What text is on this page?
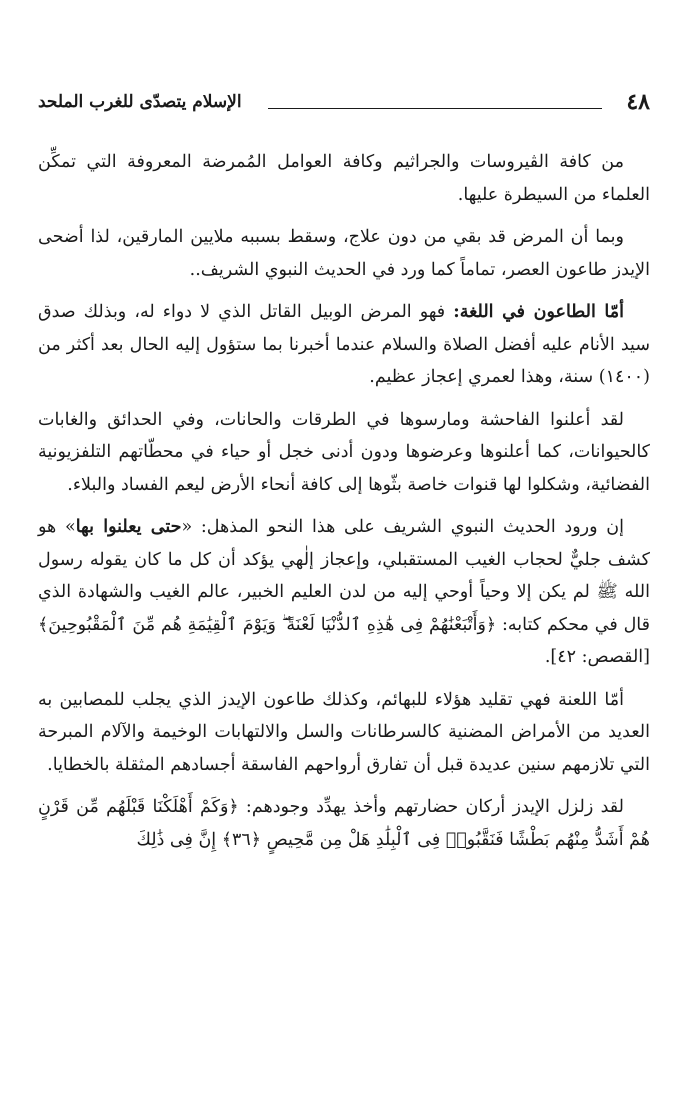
٤٨
الإسلام يتصدّى للغرب الملحد

من كافة الڤيروسات والجراثيم وكافة العوامل المُمرضة المعروفة التي تمكِّن العلماء من السيطرة عليها.

وبما أن المرض قد بقي من دون علاج، وسقط بسببه ملايين المارقين، لذا أضحى الإيدز طاعون العصر، تماماً كما ورد في الحديث النبوي الشريف..

أمّا الطاعون في اللغة: فهو المرض الوبيل القاتل الذي لا دواء له، وبذلك صدق سيد الأنام عليه أفضل الصلاة والسلام عندما أخبرنا بما ستؤول إليه الحال بعد أكثر من (١٤٠٠) سنة، وهذا لعمري إعجاز عظيم.

لقد أعلنوا الفاحشة ومارسوها في الطرقات والحانات، وفي الحدائق والغابات كالحيوانات، كما أعلنوها وعرضوها ودون أدنى خجل أو حياء في محطّاتهم التلفزيونية الفضائية، وشكلوا لها قنوات خاصة بثّوها إلى كافة أنحاء الأرض ليعم الفساد والبلاء.

إن ورود الحديث النبوي الشريف على هذا النحو المذهل: «حتى يعلنوا بها» هو كشف جليٌّ لحجاب الغيب المستقبلي، وإعجاز إلٰهي يؤكد أن كل ما كان يقوله رسول الله ﷺ لم يكن إلا وحياً أوحي إليه من لدن العليم الخبير، عالم الغيب والشهادة الذي قال في محكم كتابه: ﴿وَأَتْبَعْنَٰهُمْ فِى هَٰذِهِ ٱلدُّنْيَا لَعْنَةً ۖ وَيَوْمَ ٱلْقِيَٰمَةِ هُم مِّنَ ٱلْمَقْبُوحِينَ﴾ [القصص: ٤٢].

أمّا اللعنة فهي تقليد هؤلاء للبهائم، وكذلك طاعون الإيدز الذي يجلب للمصابين به العديد من الأمراض المضنية كالسرطانات والسل والالتهابات الوخيمة والآلام المبرحة التي تلازمهم سنين عديدة قبل أن تفارق أرواحهم الفاسقة أجسادهم المثقلة بالخطايا.

لقد زلزل الإيدز أركان حضارتهم وأخذ يهدِّد وجودهم: ﴿وَكَمْ أَهْلَكْنَا قَبْلَهُم مِّن قَرْنٍ هُمْ أَشَدُّ مِنْهُم بَطْشًا فَنَقَّبُوا۟ فِى ٱلْبِلَٰدِ هَلْ مِن مَّحِيصٍ ﴿٣٦﴾ إِنَّ فِى ذَٰلِكَ
